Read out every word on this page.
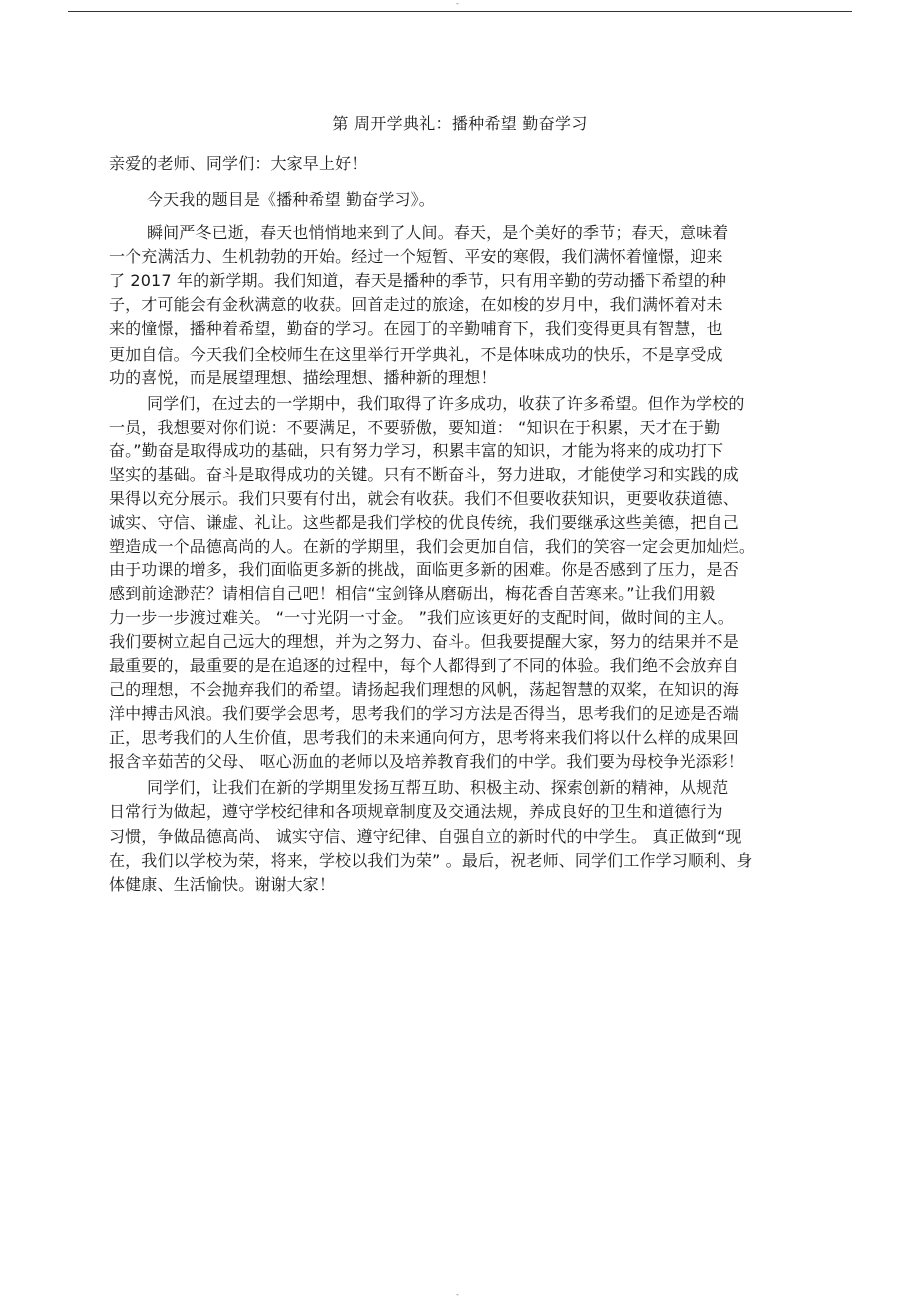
-
第 周开学典礼：播种希望 勤奋学习
亲爱的老师、同学们：大家早上好！
今天我的题目是《播种希望 勤奋学习》。
瞬间严冬已逝，春天也悄悄地来到了人间。春天，是个美好的季节；春天，意味着
一个充满活力、生机勃勃的开始。经过一个短暂、平安的寒假，我们满怀着憧憬，迎来
了 2017 年的新学期。我们知道，春天是播种的季节，只有用辛勤的劳动播下希望的种
子，才可能会有金秋满意的收获。回首走过的旅途，在如梭的岁月中，我们满怀着对未
来的憧憬，播种着希望，勤奋的学习。在园丁的辛勤哺育下，我们变得更具有智慧，也
更加自信。今天我们全校师生在这里举行开学典礼，不是体味成功的快乐，不是享受成
功的喜悦，而是展望理想、描绘理想、播种新的理想！
同学们，在过去的一学期中，我们取得了许多成功，收获了许多希望。但作为学校的
一员，我想要对你们说：不要满足，不要骄傲，要知道： “知识在于积累，天才在于勤
奋。”勤奋是取得成功的基础，只有努力学习，积累丰富的知识，才能为将来的成功打下
坚实的基础。奋斗是取得成功的关键。只有不断奋斗，努力进取，才能使学习和实践的成
果得以充分展示。我们只要有付出，就会有收获。我们不但要收获知识，更要收获道德、
诚实、守信、谦虚、礼让。这些都是我们学校的优良传统，我们要继承这些美德，把自己
塑造成一个品德高尚的人。在新的学期里，我们会更加自信，我们的笑容一定会更加灿烂。
由于功课的增多，我们面临更多新的挑战，面临更多新的困难。你是否感到了压力，是否
感到前途渺茫？请相信自己吧！相信“宝剑锋从磨砺出，梅花香自苦寒来。”让我们用毅
力一步一步渡过难关。 “一寸光阴一寸金。 ”我们应该更好的支配时间，做时间的主人。
我们要树立起自己远大的理想，并为之努力、奋斗。但我要提醒大家，努力的结果并不是
最重要的，最重要的是在追逐的过程中，每个人都得到了不同的体验。我们绝不会放弃自
己的理想，不会抛弃我们的希望。请扬起我们理想的风帆，荡起智慧的双桨，在知识的海
洋中搏击风浪。我们要学会思考，思考我们的学习方法是否得当，思考我们的足迹是否端
正，思考我们的人生价值，思考我们的未来通向何方，思考将来我们将以什么样的成果回
报含辛茹苦的父母、 呕心沥血的老师以及培养教育我们的中学。我们要为母校争光添彩！
同学们，让我们在新的学期里发扬互帮互助、积极主动、探索创新的精神，从规范
日常行为做起，遵守学校纪律和各项规章制度及交通法规，养成良好的卫生和道德行为
习惯，争做品德高尚、 诚实守信、遵守纪律、自强自立的新时代的中学生。 真正做到“现
在，我们以学校为荣，将来，学校以我们为荣” 。最后，祝老师、同学们工作学习顺利、身
体健康、生活愉快。谢谢大家！
-
